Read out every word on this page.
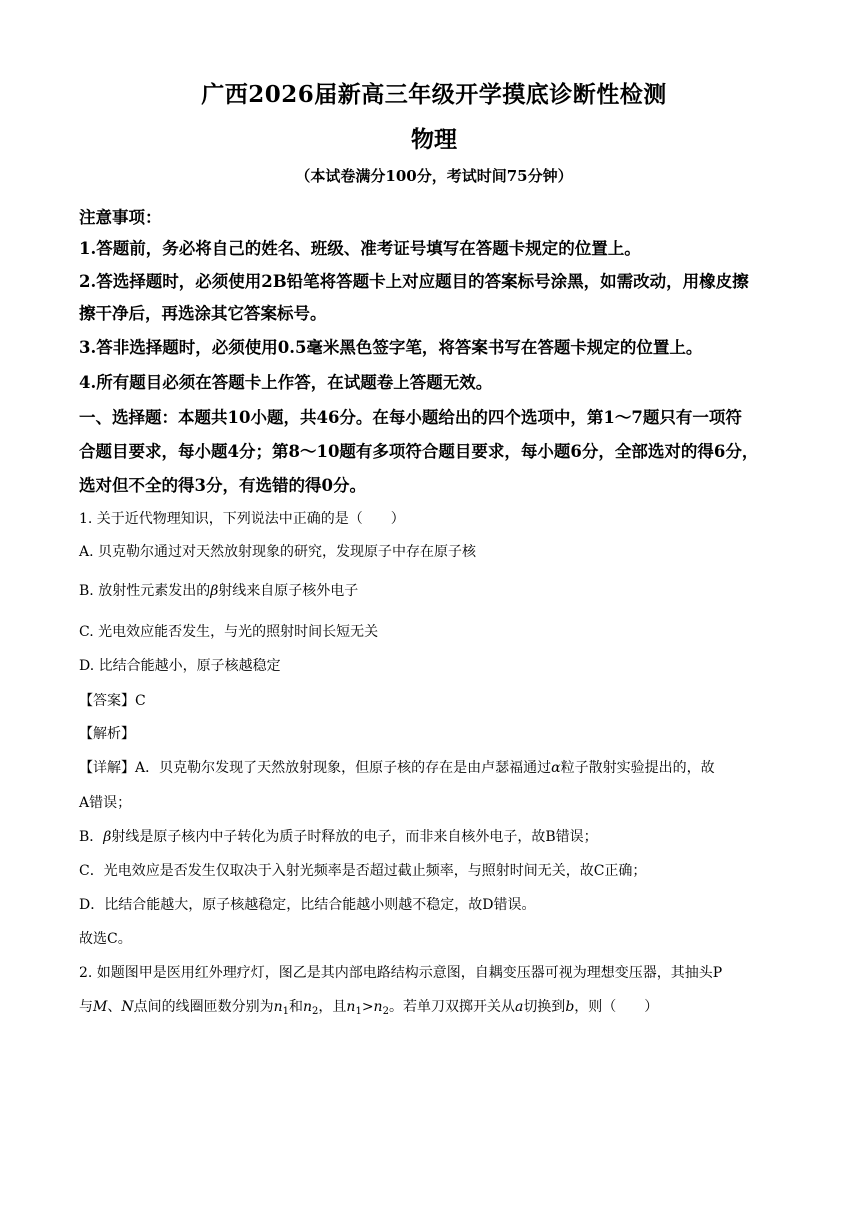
广西2026届新高三年级开学摸底诊断性检测
物理
（本试卷满分100分，考试时间75分钟）
注意事项：
1.答题前，务必将自己的姓名、班级、准考证号填写在答题卡规定的位置上。
2.答选择题时，必须使用2B铅笔将答题卡上对应题目的答案标号涂黑，如需改动，用橡皮擦
擦干净后，再选涂其它答案标号。
3.答非选择题时，必须使用0.5毫米黑色签字笔，将答案书写在答题卡规定的位置上。
4.所有题目必须在答题卡上作答，在试题卷上答题无效。
一、选择题：本题共10小题，共46分。在每小题给出的四个选项中，第1～7题只有一项符
合题目要求，每小题4分；第8～10题有多项符合题目要求，每小题6分，全部选对的得6分，
选对但不全的得3分，有选错的得0分。
1. 关于近代物理知识，下列说法中正确的是（　　）
A. 贝克勒尔通过对天然放射现象的研究，发现原子中存在原子核
B. 放射性元素发出的β射线来自原子核外电子
C. 光电效应能否发生，与光的照射时间长短无关
D. 比结合能越小，原子核越稳定
【答案】C
【解析】
【详解】A．贝克勒尔发现了天然放射现象，但原子核的存在是由卢瑟福通过α粒子散射实验提出的，故
A错误；
B．β射线是原子核内中子转化为质子时释放的电子，而非来自核外电子，故B错误；
C．光电效应是否发生仅取决于入射光频率是否超过截止频率，与照射时间无关，故C正确；
D．比结合能越大，原子核越稳定，比结合能越小则越不稳定，故D错误。
故选C。
2. 如题图甲是医用红外理疗灯，图乙是其内部电路结构示意图，自耦变压器可视为理想变压器，其抽头P
与M、N点间的线圈匝数分别为$n_1$和$n_2$，且$n_1>n_2$。若单刀双掷开关从a切换到b，则（　　）
